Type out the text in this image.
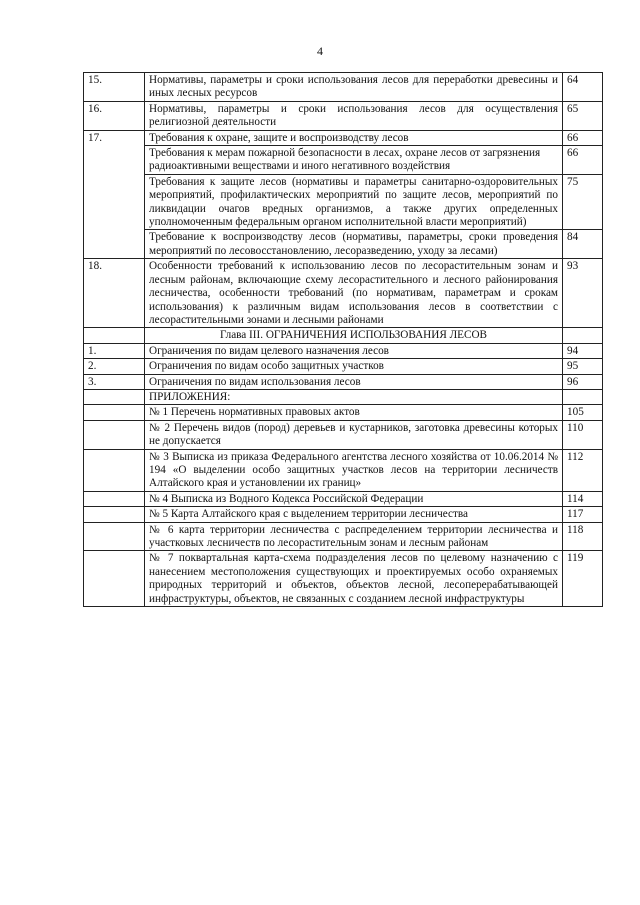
4
15.	Нормативы, параметры и сроки использования лесов для переработки древесины и иных лесных ресурсов	64
16.	Нормативы, параметры и сроки использования лесов для осуществления религиозной деятельности	65
17.	Требования к охране, защите и воспроизводству лесов	66
	Требования к мерам пожарной безопасности в лесах, охране лесов от загрязнения радиоактивными веществами и иного негативного воздействия	66
	Требования к защите лесов (нормативы и параметры санитарно-оздоровительных мероприятий, профилактических мероприятий по защите лесов, мероприятий по ликвидации очагов вредных организмов, а также других определенных уполномоченным федеральным органом исполнительной власти мероприятий)	75
	Требование к воспроизводству лесов (нормативы, параметры, сроки проведения мероприятий по лесовосстановлению, лесоразведению, уходу за лесами)	84
18.	Особенности требований к использованию лесов по лесорастительным зонам и лесным районам, включающие схему лесорастительного и лесного районирования лесничества, особенности требований (по нормативам, параметрам и срокам использования) к различным видам использования лесов в соответствии с лесорастительными зонами и лесными районами	93
	Глава III. ОГРАНИЧЕНИЯ ИСПОЛЬЗОВАНИЯ ЛЕСОВ	
1.	Ограничения по видам целевого назначения лесов	94
2.	Ограничения по видам особо защитных участков	95
3.	Ограничения по видам использования лесов	96
	ПРИЛОЖЕНИЯ:	
	№ 1 Перечень нормативных правовых актов	105
	№ 2 Перечень видов (пород) деревьев и кустарников, заготовка древесины которых не допускается	110
	№ 3 Выписка из приказа Федерального агентства лесного хозяйства от 10.06.2014 № 194 «О выделении особо защитных участков лесов на территории лесничеств Алтайского края и установлении их границ»	112
	№ 4 Выписка из Водного Кодекса Российской Федерации	114
	№ 5 Карта Алтайского края с выделением территории лесничества	117
	№ 6 карта территории лесничества с распределением территории лесничества и участковых лесничеств по лесорастительным зонам и лесным районам	118
	№ 7 поквартальная карта-схема подразделения лесов по целевому назначению с нанесением местоположения существующих и проектируемых особо охраняемых природных территорий и объектов, объектов лесной, лесоперерабатывающей инфраструктуры, объектов, не связанных с созданием лесной инфраструктуры	119
